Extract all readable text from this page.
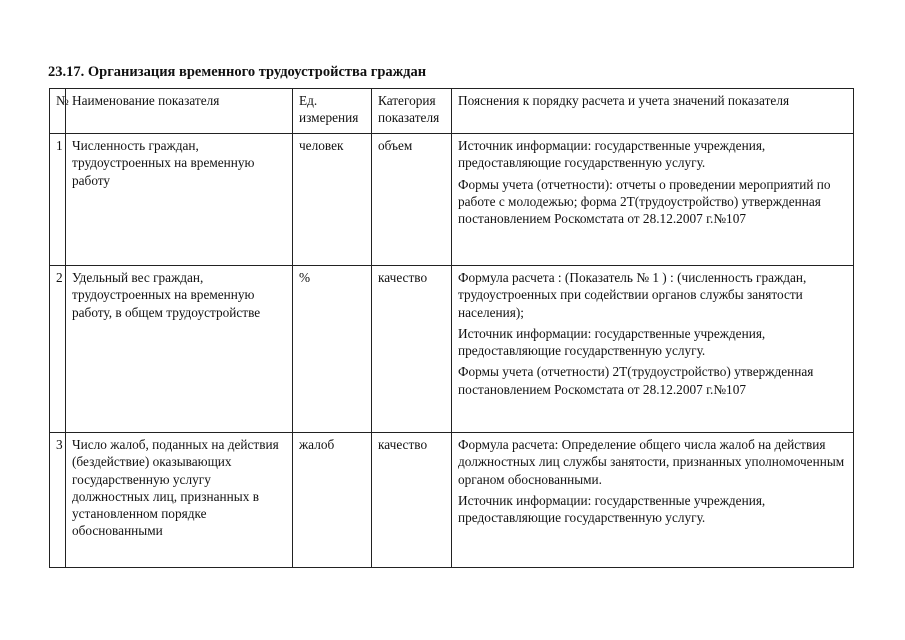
23.17. Организация временного трудоустройства граждан
№	Наименование показателя	Ед. измерения	Категория показателя	Пояснения к порядку расчета и учета значений показателя
1	Численность граждан, трудоустроенных на временную работу	человек	объем	Источник информации: государственные учреждения, предоставляющие государственную услугу.

Формы учета (отчетности): отчеты о проведении мероприятий по работе с молодежью; форма 2Т(трудоустройство) утвержденная постановлением Роскомстата от 28.12.2007 г.№107

2	Удельный вес граждан, трудоустроенных на временную работу, в общем трудоустройстве	%	качество	Формула расчета : (Показатель № 1 ) : (численность граждан, трудоустроенных при содействии органов службы занятости населения);

Источник информации: государственные учреждения, предоставляющие государственную услугу.

Формы учета (отчетности) 2Т(трудоустройство) утвержденная постановлением Роскомстата от 28.12.2007 г.№107

3	Число жалоб, поданных на действия (бездействие) оказывающих государственную услугу должностных лиц, признанных в установленном порядке обоснованными	жалоб	качество	Формула расчета: Определение общего числа жалоб на действия должностных лиц службы занятости, признанных уполномоченным органом обоснованными.

Источник информации: государственные учреждения, предоставляющие государственную услугу.
